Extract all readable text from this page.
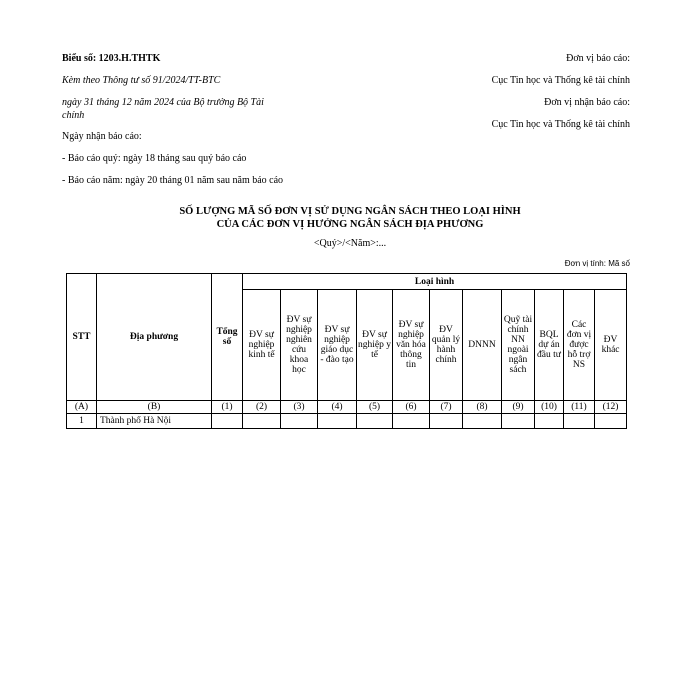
Biểu số: 1203.H.THTK
Kèm theo Thông tư số 91/2024/TT-BTC
ngày 31 tháng 12 năm 2024 của Bộ trưởng Bộ Tài chính
Ngày nhận báo cáo:
- Báo cáo quý: ngày 18 tháng sau quý báo cáo
- Báo cáo năm: ngày 20 tháng 01 năm sau năm báo cáo
Đơn vị báo cáo:
Cục Tin học và Thống kê tài chính
Đơn vị nhận báo cáo:
Cục Tin học và Thống kê tài chính
SỐ LƯỢNG MÃ SỐ ĐƠN VỊ SỬ DỤNG NGÂN SÁCH THEO LOẠI HÌNH
CỦA CÁC ĐƠN VỊ HƯỞNG NGÂN SÁCH ĐỊA PHƯƠNG
<Quý>/<Năm>:...
Đơn vị tính: Mã số
STT	Địa phương	Tổng số	Loại hình										
			ĐV sự nghiệp kinh tế	ĐV sự nghiệp nghiên cứu khoa học	ĐV sự nghiệp giáo dục - đào tạo	ĐV sự nghiệp y tế	ĐV sự nghiệp văn hóa thông tin	ĐV quản lý hành chính	DNNN	Quỹ tài chính NN ngoài ngân sách	BQL dự án đầu tư	Các đơn vị được hỗ trợ NS	ĐV khác
(A)	(B)	(1)	(2)	(3)	(4)	(5)	(6)	(7)	(8)	(9)	(10)	(11)	(12)
1	Thành phố Hà Nội												
